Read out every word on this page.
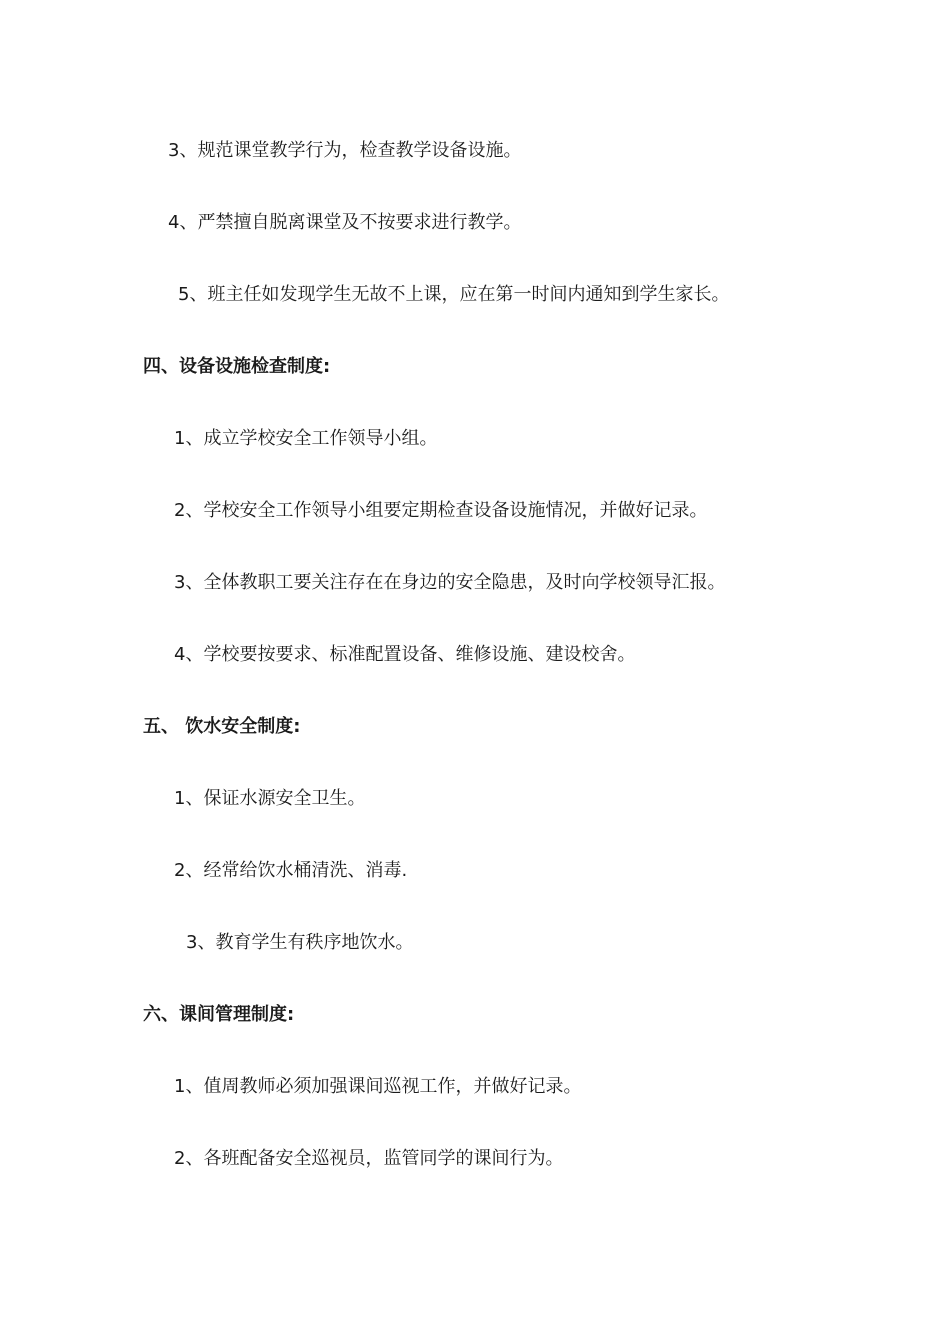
3、规范课堂教学行为，检查教学设备设施。
4、严禁擅自脱离课堂及不按要求进行教学。
5、班主任如发现学生无故不上课，应在第一时间内通知到学生家长。
四、设备设施检查制度:
1、成立学校安全工作领导小组。
2、学校安全工作领导小组要定期检查设备设施情况，并做好记录。
3、全体教职工要关注存在在身边的安全隐患，及时向学校领导汇报。
4、学校要按要求、标准配置设备、维修设施、建设校舍。
五、 饮水安全制度:
1、保证水源安全卫生。
2、经常给饮水桶清洗、消毒.
3、教育学生有秩序地饮水。
六、课间管理制度:
1、值周教师必须加强课间巡视工作，并做好记录。
2、各班配备安全巡视员，监管同学的课间行为。
